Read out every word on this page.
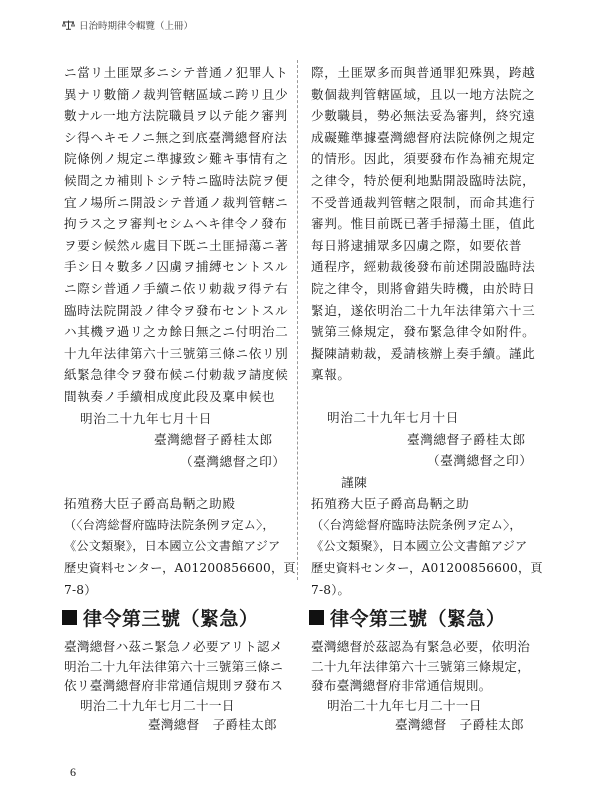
日治時期律令輯覽（上冊）
ニ當リ土匪眾多ニシテ普通ノ犯罪人ト
異ナリ數簡ノ裁判管轄區域ニ跨リ且少
數ナル一地方法院職員ヲ以テ能ク審判
シ得ヘキモノニ無之到底臺灣總督府法
院條例ノ規定ニ準據致シ難キ事情有之
候間之カ補則トシテ特ニ臨時法院ヲ便
宜ノ場所ニ開設シテ普通ノ裁判管轄ニ
拘ラス之ヲ審判セシムヘキ律令ノ發布
ヲ要シ候然ル處目下既ニ土匪掃蕩ニ著
手シ日々數多ノ囚虜ヲ捕縛セントスル
ニ際シ普通ノ手續ニ依リ勅裁ヲ得テ右
臨時法院開設ノ律令ヲ發布セントスル
ハ其機ヲ過リ之カ餘日無之ニ付明治二
十九年法律第六十三號第三條ニ依リ別
紙緊急律令ヲ發布候ニ付勅裁ヲ請度候
間執奏ノ手續相成度此段及稟申候也
明治二十九年七月十日
臺灣總督子爵桂太郎
（臺灣總督之印）
拓殖務大臣子爵高島鞆之助殿
（〈台湾総督府臨時法院条例ヲ定ム〉，
《公文類聚》，日本國立公文書館アジア
歷史資料センター，A01200856600，頁
7-8）
際，土匪眾多而與普通罪犯殊異，跨越
數個裁判管轄區域，且以一地方法院之
少數職員，勢必無法妥為審判，終究遠
成礙難準據臺灣總督府法院條例之規定
的情形。因此，須要發布作為補充規定
之律令，特於便利地點開設臨時法院，
不受普通裁判管轄之限制，而命其進行
審判。惟目前既已著手掃蕩土匪，值此
每日將逮捕眾多囚虜之際，如要依普
通程序，經勅裁後發布前述開設臨時法
院之律令，則將會錯失時機，由於時日
緊迫，遂依明治二十九年法律第六十三
號第三條規定，發布緊急律令如附件。
擬陳請勅裁，爰請核辦上奏手續。謹此
稟報。
明治二十九年七月十日
臺灣總督子爵桂太郎
（臺灣總督之印）
謹陳
拓殖務大臣子爵高島鞆之助
（〈台湾総督府臨時法院条例ヲ定ム〉，
《公文類聚》，日本國立公文書館アジア
歷史資料センター，A01200856600，頁
7-8）。
律令第三號（緊急）	律令第三號（緊急）
臺灣總督ハ茲ニ緊急ノ必要アリト認メ
明治二十九年法律第六十三號第三條ニ
依リ臺灣總督府非常通信規則ヲ發布ス
明治二十九年七月二十一日
臺灣總督　子爵桂太郎
臺灣總督於茲認為有緊急必要，依明治
二十九年法律第六十三號第三條規定，
發布臺灣總督府非常通信規則。
明治二十九年七月二十一日
臺灣總督　子爵桂太郎
6
